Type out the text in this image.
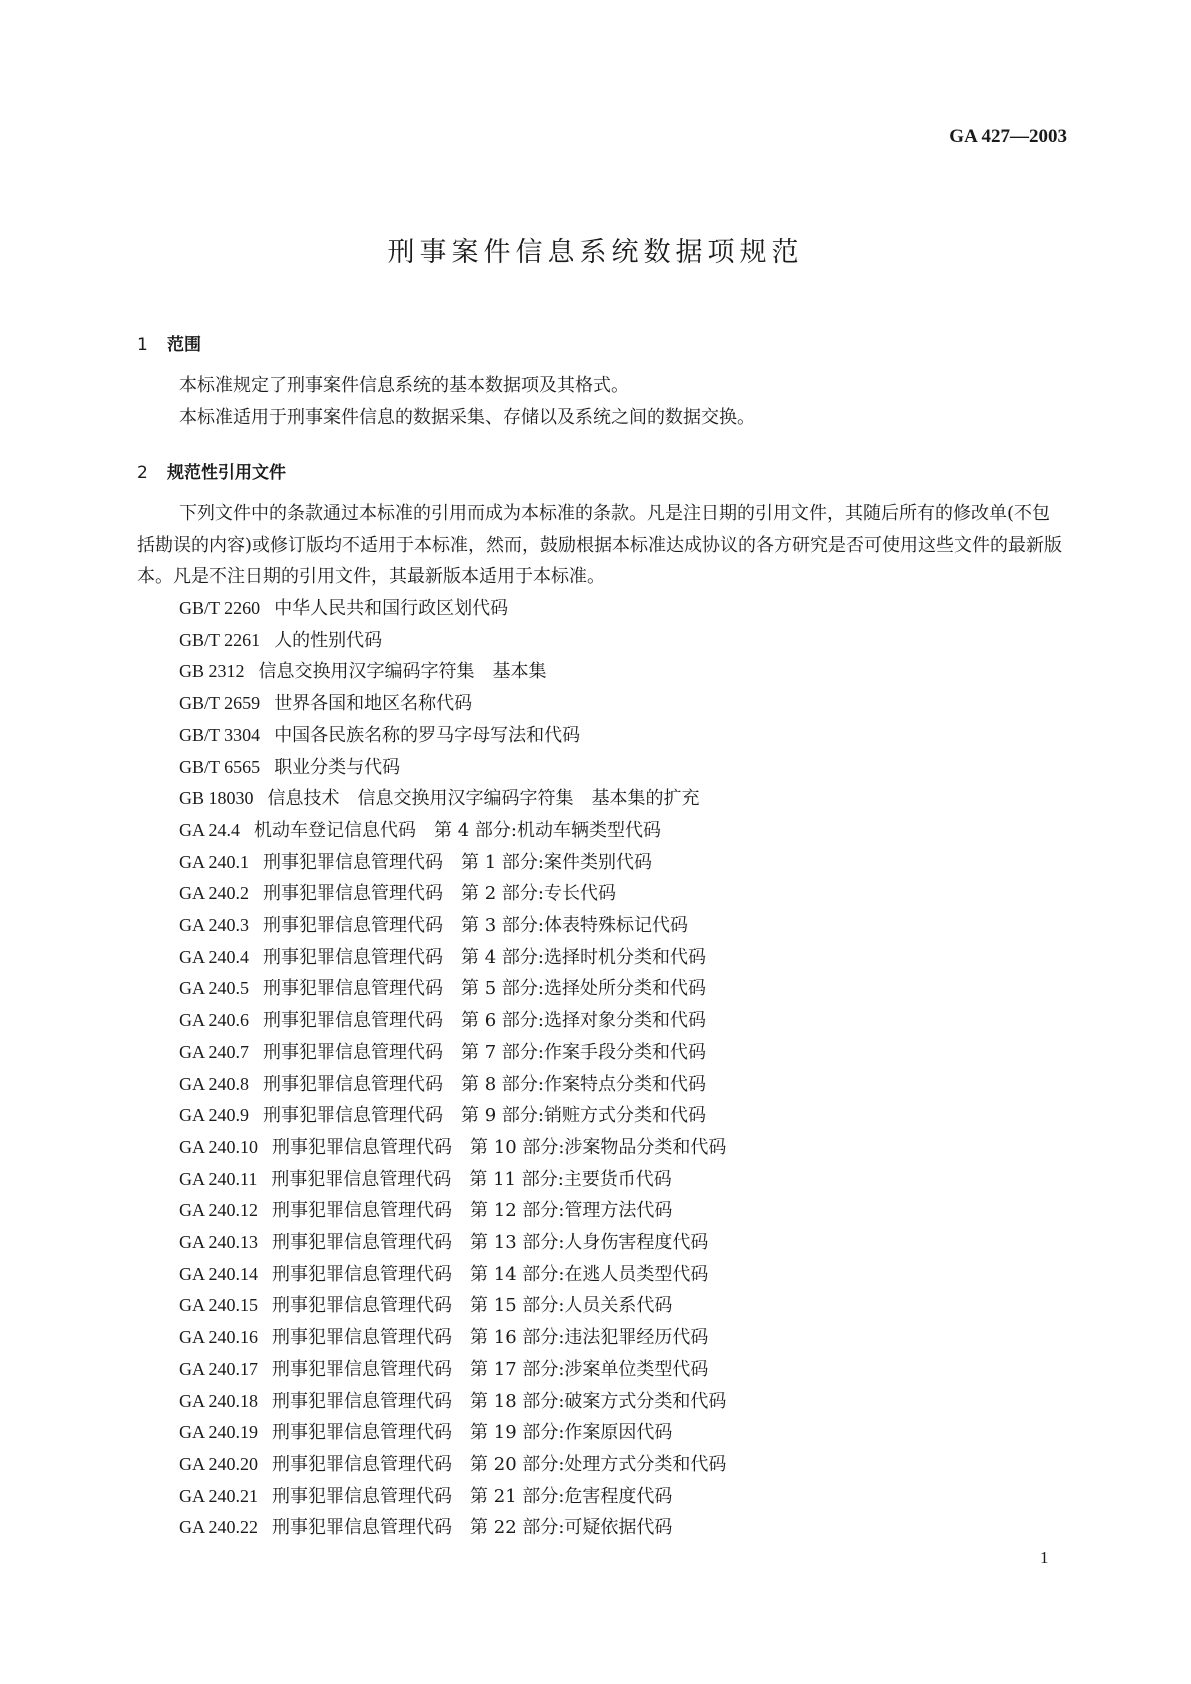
GA 427—2003
刑事案件信息系统数据项规范
1 范围
本标准规定了刑事案件信息系统的基本数据项及其格式。
本标准适用于刑事案件信息的数据采集、存储以及系统之间的数据交换。
2 规范性引用文件
下列文件中的条款通过本标准的引用而成为本标准的条款。凡是注日期的引用文件，其随后所有的修改单(不包括勘误的内容)或修订版均不适用于本标准，然而，鼓励根据本标准达成协议的各方研究是否可使用这些文件的最新版本。凡是不注日期的引用文件，其最新版本适用于本标准。
GB/T 2260 中华人民共和国行政区划代码
GB/T 2261 人的性别代码
GB 2312 信息交换用汉字编码字符集　基本集
GB/T 2659 世界各国和地区名称代码
GB/T 3304 中国各民族名称的罗马字母写法和代码
GB/T 6565 职业分类与代码
GB 18030 信息技术　信息交换用汉字编码字符集　基本集的扩充
GA 24.4 机动车登记信息代码　第 4 部分:机动车辆类型代码
GA 240.1 刑事犯罪信息管理代码　第 1 部分:案件类别代码
GA 240.2 刑事犯罪信息管理代码　第 2 部分:专长代码
GA 240.3 刑事犯罪信息管理代码　第 3 部分:体表特殊标记代码
GA 240.4 刑事犯罪信息管理代码　第 4 部分:选择时机分类和代码
GA 240.5 刑事犯罪信息管理代码　第 5 部分:选择处所分类和代码
GA 240.6 刑事犯罪信息管理代码　第 6 部分:选择对象分类和代码
GA 240.7 刑事犯罪信息管理代码　第 7 部分:作案手段分类和代码
GA 240.8 刑事犯罪信息管理代码　第 8 部分:作案特点分类和代码
GA 240.9 刑事犯罪信息管理代码　第 9 部分:销赃方式分类和代码
GA 240.10 刑事犯罪信息管理代码　第 10 部分:涉案物品分类和代码
GA 240.11 刑事犯罪信息管理代码　第 11 部分:主要货币代码
GA 240.12 刑事犯罪信息管理代码　第 12 部分:管理方法代码
GA 240.13 刑事犯罪信息管理代码　第 13 部分:人身伤害程度代码
GA 240.14 刑事犯罪信息管理代码　第 14 部分:在逃人员类型代码
GA 240.15 刑事犯罪信息管理代码　第 15 部分:人员关系代码
GA 240.16 刑事犯罪信息管理代码　第 16 部分:违法犯罪经历代码
GA 240.17 刑事犯罪信息管理代码　第 17 部分:涉案单位类型代码
GA 240.18 刑事犯罪信息管理代码　第 18 部分:破案方式分类和代码
GA 240.19 刑事犯罪信息管理代码　第 19 部分:作案原因代码
GA 240.20 刑事犯罪信息管理代码　第 20 部分:处理方式分类和代码
GA 240.21 刑事犯罪信息管理代码　第 21 部分:危害程度代码
GA 240.22 刑事犯罪信息管理代码　第 22 部分:可疑依据代码
1
